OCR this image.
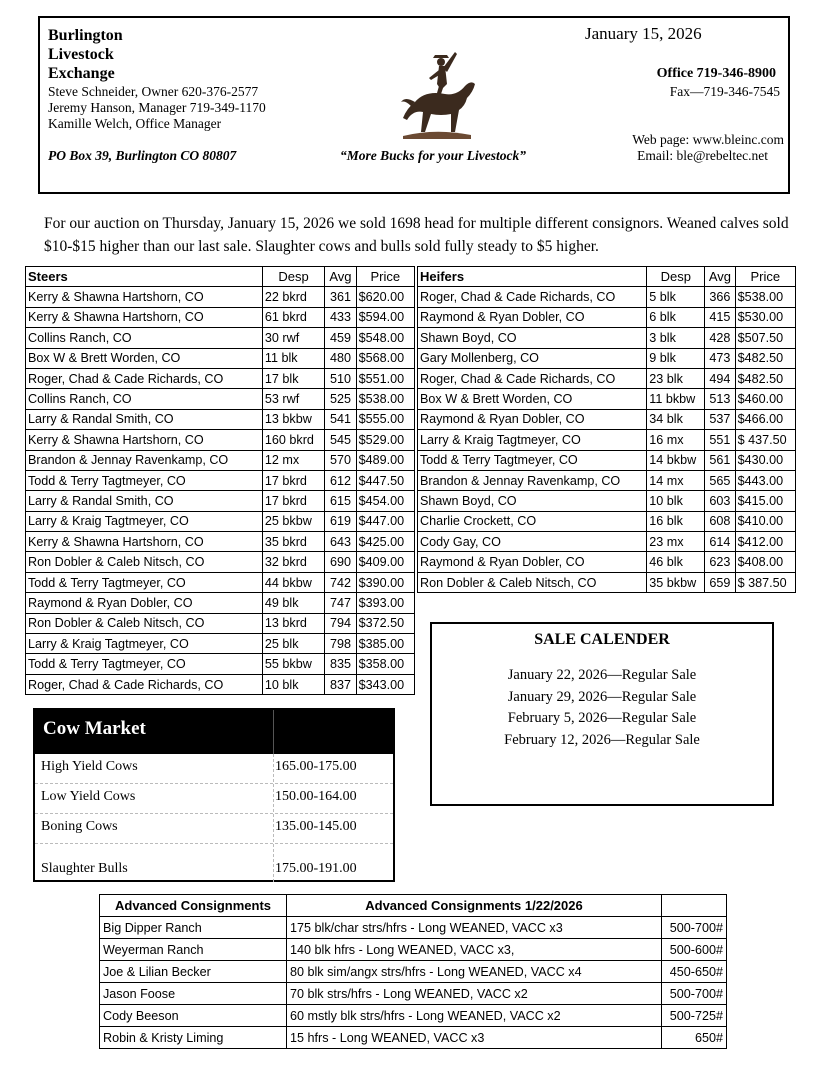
Burlington
Livestock
Exchange
Steve Schneider, Owner 620-376-2577
Jeremy Hanson, Manager 719-349-1170
Kamille Welch, Office Manager
PO Box 39, Burlington CO 80807	“More Bucks for your Livestock”
January 15, 2026
Office 719-346-8900
Fax—719-346-7545
Web page: www.bleinc.com
Email: ble@rebeltec.net
For our auction on Thursday, January 15, 2026 we sold 1698 head for multiple different consignors. Weaned calves sold $10-$15 higher than our last sale. Slaughter cows and bulls sold fully steady to $5 higher.
Steers	Desp	Avg	Price
Kerry & Shawna Hartshorn, CO	22 bkrd	361	$620.00
Kerry & Shawna Hartshorn, CO	61 bkrd	433	$594.00
Collins Ranch, CO	30 rwf	459	$548.00
Box W & Brett Worden, CO	11 blk	480	$568.00
Roger, Chad & Cade Richards, CO	17 blk	510	$551.00
Collins Ranch, CO	53 rwf	525	$538.00
Larry & Randal Smith, CO	13 bkbw	541	$555.00
Kerry & Shawna Hartshorn, CO	160 bkrd	545	$529.00
Brandon & Jennay Ravenkamp, CO	12 mx	570	$489.00
Todd & Terry Tagtmeyer, CO	17 bkrd	612	$447.50
Larry & Randal Smith, CO	17 bkrd	615	$454.00
Larry & Kraig Tagtmeyer, CO	25 bkbw	619	$447.00
Kerry & Shawna Hartshorn, CO	35 bkrd	643	$425.00
Ron Dobler & Caleb Nitsch, CO	32 bkrd	690	$409.00
Todd & Terry Tagtmeyer, CO	44 bkbw	742	$390.00
Raymond & Ryan Dobler, CO	49 blk	747	$393.00
Ron Dobler & Caleb Nitsch, CO	13 bkrd	794	$372.50
Larry & Kraig Tagtmeyer, CO	25 blk	798	$385.00
Todd & Terry Tagtmeyer, CO	55 bkbw	835	$358.00
Roger, Chad & Cade Richards, CO	10 blk	837	$343.00
Heifers	Desp	Avg	Price
Roger, Chad & Cade Richards, CO	5 blk	366	$538.00
Raymond & Ryan Dobler, CO	6 blk	415	$530.00
Shawn Boyd, CO	3 blk	428	$507.50
Gary Mollenberg, CO	9 blk	473	$482.50
Roger, Chad & Cade Richards, CO	23 blk	494	$482.50
Box W & Brett Worden, CO	11 bkbw	513	$460.00
Raymond & Ryan Dobler, CO	34 blk	537	$466.00
Larry & Kraig Tagtmeyer, CO	16 mx	551	$ 437.50
Todd & Terry Tagtmeyer, CO	14 bkbw	561	$430.00
Brandon & Jennay Ravenkamp, CO	14 mx	565	$443.00
Shawn Boyd, CO	10 blk	603	$415.00
Charlie Crockett, CO	16 blk	608	$410.00
Cody Gay, CO	23 mx	614	$412.00
Raymond & Ryan Dobler, CO	46 blk	623	$408.00
Ron Dobler & Caleb Nitsch, CO	35 bkbw	659	$ 387.50
Cow Market
High Yield Cows	165.00-175.00
Low Yield Cows	150.00-164.00
Boning Cows	135.00-145.00
Slaughter Bulls	175.00-191.00
SALE CALENDER
January 22, 2026—Regular Sale
January 29, 2026—Regular Sale
February 5, 2026—Regular Sale
February 12, 2026—Regular Sale
Advanced Consignments	Advanced Consignments 1/22/2026	
Big Dipper Ranch	175 blk/char strs/hfrs - Long WEANED, VACC x3	500-700#
Weyerman Ranch	140 blk hfrs - Long WEANED, VACC x3,	500-600#
Joe & Lilian Becker	80 blk sim/angx strs/hfrs - Long WEANED, VACC x4	450-650#
Jason Foose	70 blk strs/hfrs - Long WEANED, VACC x2	500-700#
Cody Beeson	60 mstly blk strs/hfrs - Long WEANED, VACC x2	500-725#
Robin & Kristy Liming	15 hfrs - Long WEANED, VACC x3	650#
